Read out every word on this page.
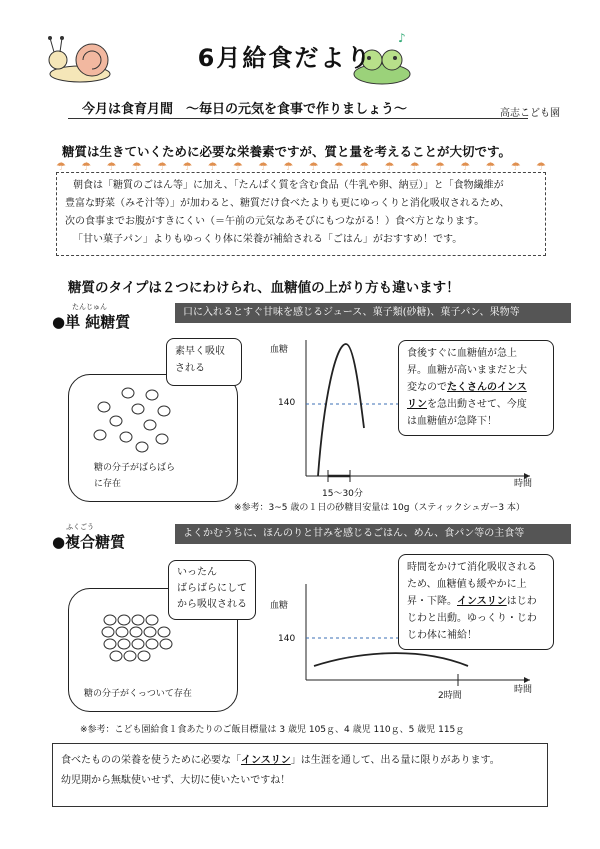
♪
6月給食だより
今月は食育月間　～毎日の元気を食事で作りましょう～	高志こども園
糖質は生きていくために必要な栄養素ですが、質と量を考えることが大切です。
☂ ☂ ☂ ☂ ☂ ☂ ☂ ☂ ☂ ☂ ☂ ☂ ☂ ☂ ☂ ☂ ☂ ☂ ☂ ☂

朝食は「糖質のごはん等」に加え、「たんぱく質を含む食品（牛乳や卵、納豆）」と「食物繊維が

豊富な野菜（みそ汁等）」が加わると、糖質だけ食べたよりも更にゆっくりと消化吸収されるため、

次の食事までお腹がすきにくい（＝午前の元気なあそびにもつながる！）食べ方となります。

「甘い菓子パン」よりもゆっくり体に栄養が補給される「ごはん」がおすすめ！です。

糖質のタイプは２つにわけられ、血糖値の上がり方も違います！
たんじゅん
●単 純糖質
口に入れるとすぐ甘味を感じるジュース、菓子類(砂糖)、菓子パン、果物等
糖の分子がばらばら
に存在
素早く吸収
される
血糖
140
15～30分
時間
食後すぐに血糖値が急上
昇。血糖が高いままだと大
変なのでたくさんのインス
リンを急出動させて、今度
は血糖値が急降下！
※参考：3~5 歳の１日の砂糖目安量は 10g（スティックシュガー3 本）
ふくごう
●複合糖質	よくかむうちに、ほんのりと甘みを感じるごはん、めん、食パン等の主食等
糖の分子がくっついて存在
いったん
ばらばらにして
から吸収される	血糖
140
2時間
時間
時間をかけて消化吸収される
ため、血糖値も緩やかに上
昇・下降。インスリンはじわ
じわと出動。ゆっくり・じわ
じわ体に補給！
※参考：こども園給食１食あたりのご飯目標量は 3 歳児 105ｇ、4 歳児 110ｇ、5 歳児 115ｇ

食べたものの栄養を使うために必要な「インスリン」は生涯を通して、出る量に限りがあります。

幼児期から無駄使いせず、大切に使いたいですね！
